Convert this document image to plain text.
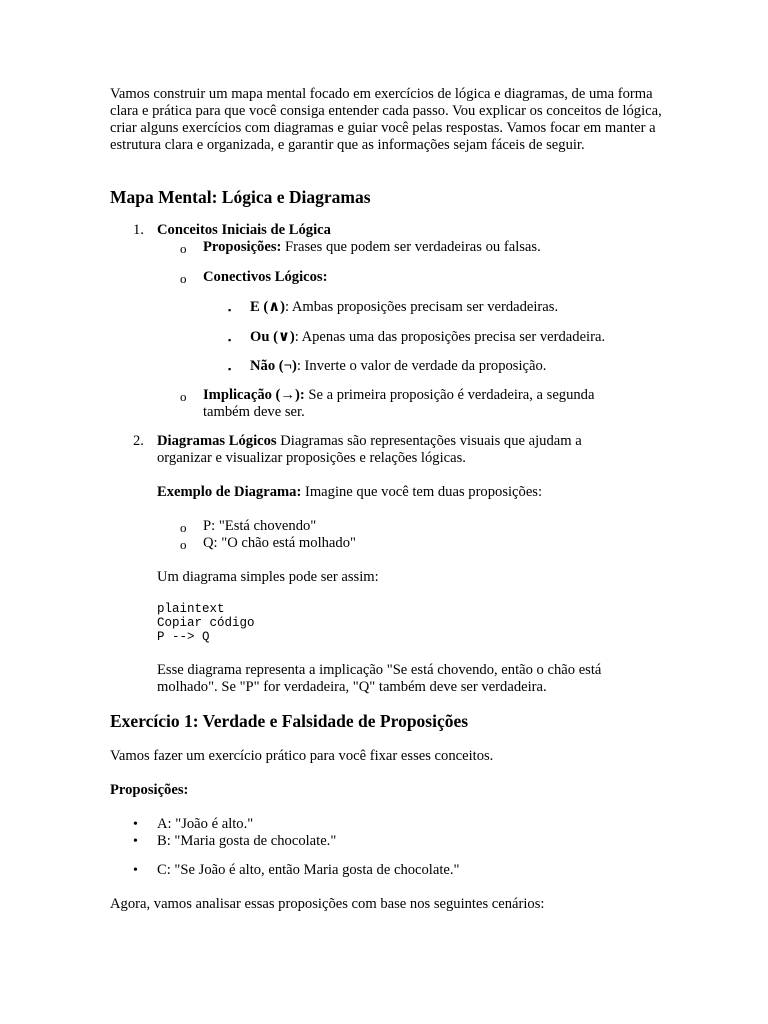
Vamos construir um mapa mental focado em exercícios de lógica e diagramas, de uma forma clara e prática para que você consiga entender cada passo. Vou explicar os conceitos de lógica, criar alguns exercícios com diagramas e guiar você pelas respostas. Vamos focar em manter a estrutura clara e organizada, e garantir que as informações sejam fáceis de seguir.

Mapa Mental: Lógica e Diagramas
1. Conceitos Iniciais de Lógica
o Proposições: Frases que podem ser verdadeiras ou falsas.
o Conectivos Lógicos:
▪ E (∧): Ambas proposições precisam ser verdadeiras.
▪ Ou (∨): Apenas uma das proposições precisa ser verdadeira.
▪ Não (¬): Inverte o valor de verdade da proposição.
o Implicação (→): Se a primeira proposição é verdadeira, a segunda
também deve ser.
2. Diagramas Lógicos Diagramas são representações visuais que ajudam a
organizar e visualizar proposições e relações lógicas.
Exemplo de Diagrama: Imagine que você tem duas proposições:
o P: "Está chovendo"
o Q: "O chão está molhado"
Um diagrama simples pode ser assim:
plaintext
Copiar código
P --> Q
Esse diagrama representa a implicação "Se está chovendo, então o chão está
molhado". Se "P" for verdadeira, "Q" também deve ser verdadeira.
Exercício 1: Verdade e Falsidade de Proposições
Vamos fazer um exercício prático para você fixar esses conceitos.
Proposições:
• A: "João é alto."
• B: "Maria gosta de chocolate."
• C: "Se João é alto, então Maria gosta de chocolate."
Agora, vamos analisar essas proposições com base nos seguintes cenários:
